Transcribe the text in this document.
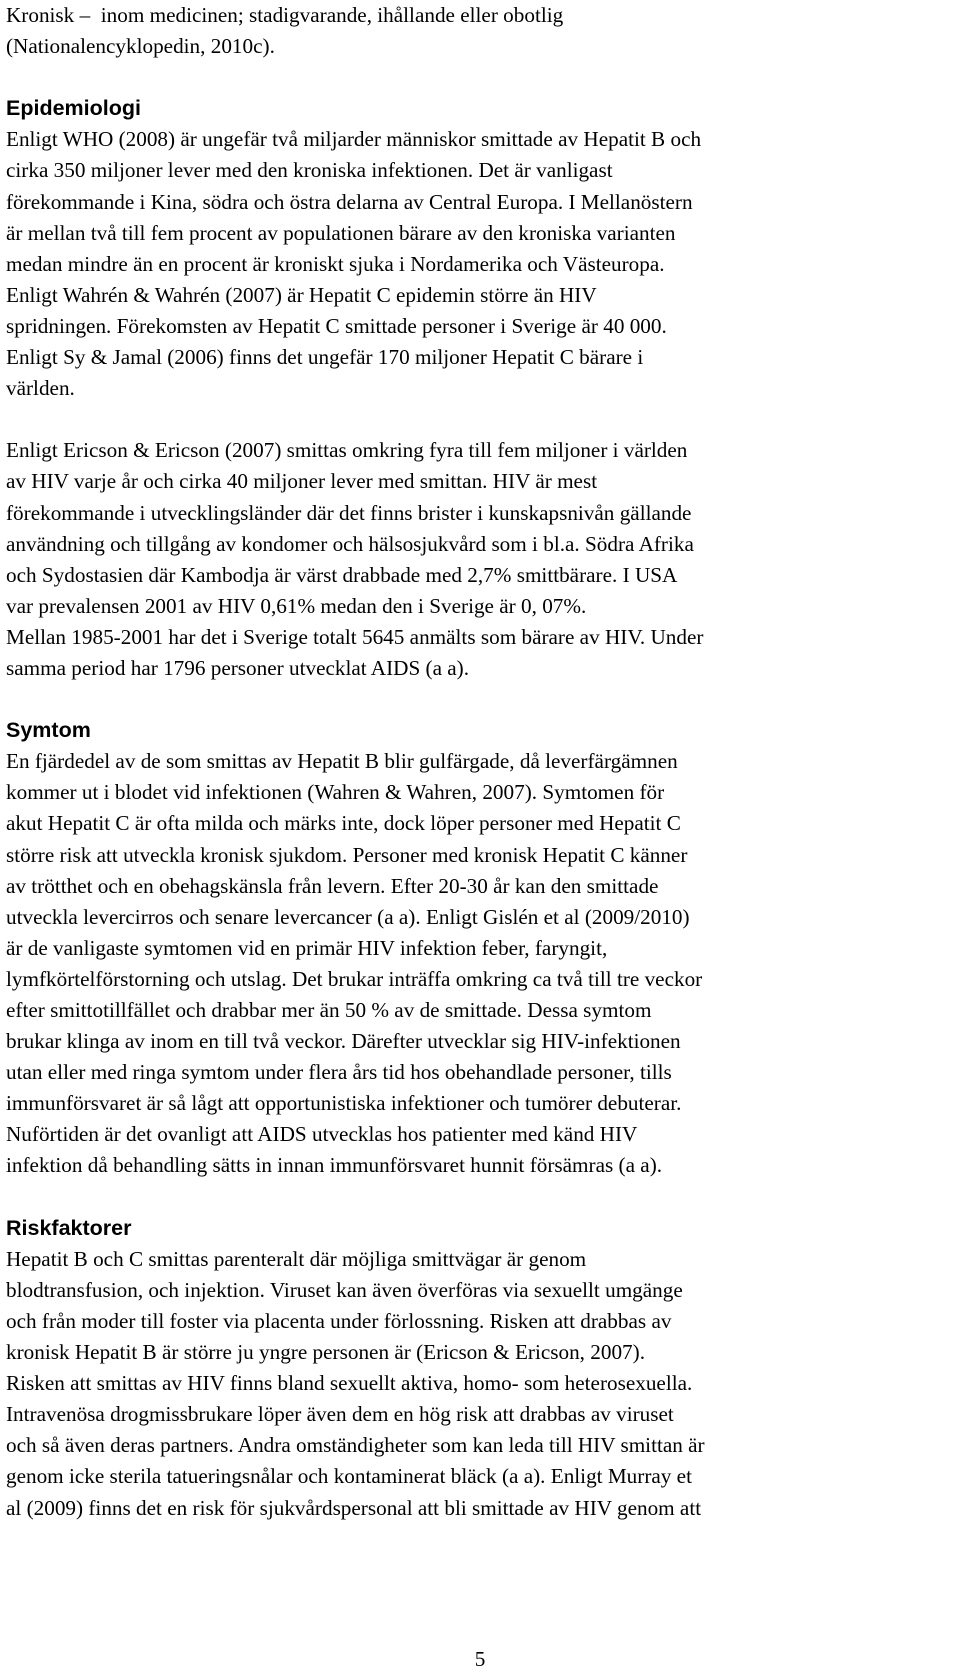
Kronisk –  inom medicinen; stadigvarande, ihållande eller obotlig
(Nationalencyklopedin, 2010c).
Epidemiologi
Enligt WHO (2008) är ungefär två miljarder människor smittade av Hepatit B och
cirka 350 miljoner lever med den kroniska infektionen. Det är vanligast
förekommande i Kina, södra och östra delarna av Central Europa. I Mellanöstern
är mellan två till fem procent av populationen bärare av den kroniska varianten
medan mindre än en procent är kroniskt sjuka i Nordamerika och Västeuropa.
Enligt Wahrén & Wahrén (2007) är Hepatit C epidemin större än HIV
spridningen. Förekomsten av Hepatit C smittade personer i Sverige är 40 000.
Enligt Sy & Jamal (2006) finns det ungefär 170 miljoner Hepatit C bärare i
världen.
Enligt Ericson & Ericson (2007) smittas omkring fyra till fem miljoner i världen
av HIV varje år och cirka 40 miljoner lever med smittan. HIV är mest
förekommande i utvecklingsländer där det finns brister i kunskapsnivån gällande
användning och tillgång av kondomer och hälsosjukvård som i bl.a. Södra Afrika
och Sydostasien där Kambodja är värst drabbade med 2,7% smittbärare. I USA
var prevalensen 2001 av HIV 0,61% medan den i Sverige är 0, 07%.
Mellan 1985-2001 har det i Sverige totalt 5645 anmälts som bärare av HIV. Under
samma period har 1796 personer utvecklat AIDS (a a).
Symtom
En fjärdedel av de som smittas av Hepatit B blir gulfärgade, då leverfärgämnen
kommer ut i blodet vid infektionen (Wahren & Wahren, 2007). Symtomen för
akut Hepatit C är ofta milda och märks inte, dock löper personer med Hepatit C
större risk att utveckla kronisk sjukdom. Personer med kronisk Hepatit C känner
av trötthet och en obehagskänsla från levern. Efter 20-30 år kan den smittade
utveckla levercirros och senare levercancer (a a). Enligt Gislén et al (2009/2010)
är de vanligaste symtomen vid en primär HIV infektion feber, faryngit,
lymfkörtelförstorning och utslag. Det brukar inträffa omkring ca två till tre veckor
efter smittotillfället och drabbar mer än 50 % av de smittade. Dessa symtom
brukar klinga av inom en till två veckor. Därefter utvecklar sig HIV-infektionen
utan eller med ringa symtom under flera års tid hos obehandlade personer, tills
immunförsvaret är så lågt att opportunistiska infektioner och tumörer debuterar.
Nuförtiden är det ovanligt att AIDS utvecklas hos patienter med känd HIV
infektion då behandling sätts in innan immunförsvaret hunnit försämras (a a).
Riskfaktorer
Hepatit B och C smittas parenteralt där möjliga smittvägar är genom
blodtransfusion, och injektion. Viruset kan även överföras via sexuellt umgänge
och från moder till foster via placenta under förlossning. Risken att drabbas av
kronisk Hepatit B är större ju yngre personen är (Ericson & Ericson, 2007).
Risken att smittas av HIV finns bland sexuellt aktiva, homo- som heterosexuella.
Intravenösa drogmissbrukare löper även dem en hög risk att drabbas av viruset
och så även deras partners. Andra omständigheter som kan leda till HIV smittan är
genom icke sterila tatueringsnålar och kontaminerat bläck (a a). Enligt Murray et
al (2009) finns det en risk för sjukvårdspersonal att bli smittade av HIV genom att
5
